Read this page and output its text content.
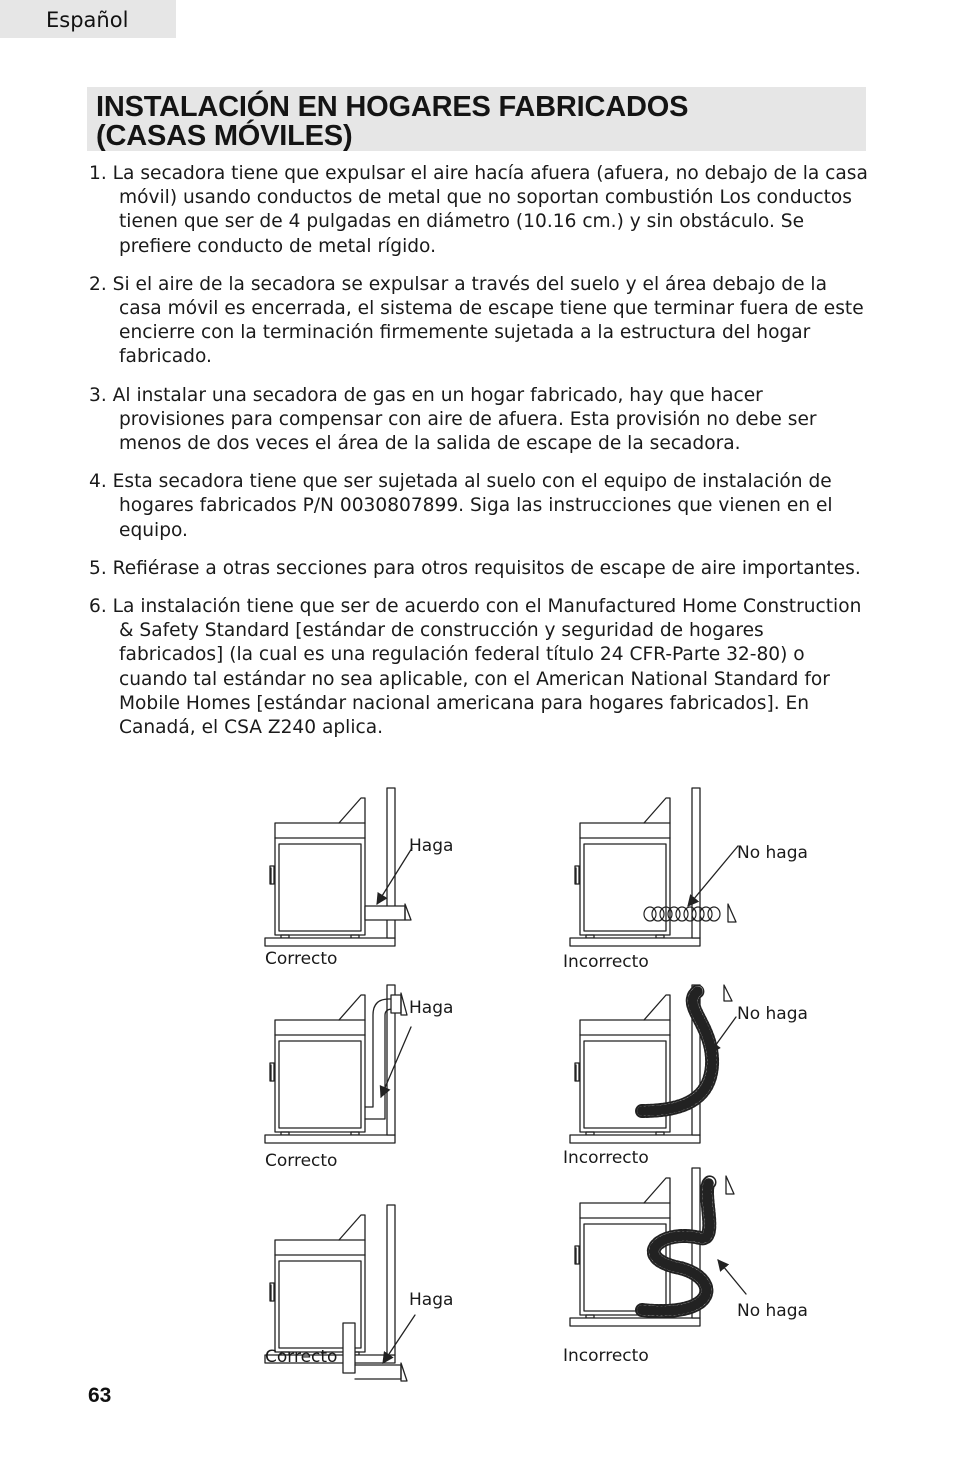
Español
INSTALACIÓN EN HOGARES FABRICADOS
(CASAS MÓVILES)
1. La secadora tiene que expulsar el aire hacía afuera (afuera, no debajo de la casa móvil) usando conductos de metal que no soportan combustión Los conductos tienen que ser de 4 pulgadas en diámetro (10.16 cm.) y sin obstáculo. Se prefiere conducto de metal rígido.
2. Si el aire de la secadora se expulsar a través del suelo y el área debajo de la casa móvil es encerrada, el sistema de escape tiene que terminar fuera de este encierre con la terminación firmemente sujetada a la estructura del hogar fabricado.
3. Al instalar una secadora de gas en un hogar fabricado, hay que hacer provisiones para compensar con aire de afuera. Esta provisión no debe ser menos de dos veces el área de la salida de escape de la secadora.
4. Esta secadora tiene que ser sujetada al suelo con el equipo de instalación de hogares fabricados P/N 0030807899. Siga las instrucciones que vienen en el equipo.
5. Refiérase a otras secciones para otros requisitos de escape de aire importantes.
6. La instalación tiene que ser de acuerdo con el Manufactured Home Construction & Safety Standard [estándar de construcción y seguridad de hogares fabricados] (la cual es una regulación federal título 24 CFR-Parte 32-80) o cuando tal estándar no sea aplicable, con el American National Standard for Mobile Homes [estándar nacional americana para hogares fabricados]. En Canadá, el CSA Z240 aplica.
Haga
Correcto
Haga
Correcto
Haga
Correcto
No haga
Incorrecto
No haga
Incorrecto
No haga
Incorrecto
63
